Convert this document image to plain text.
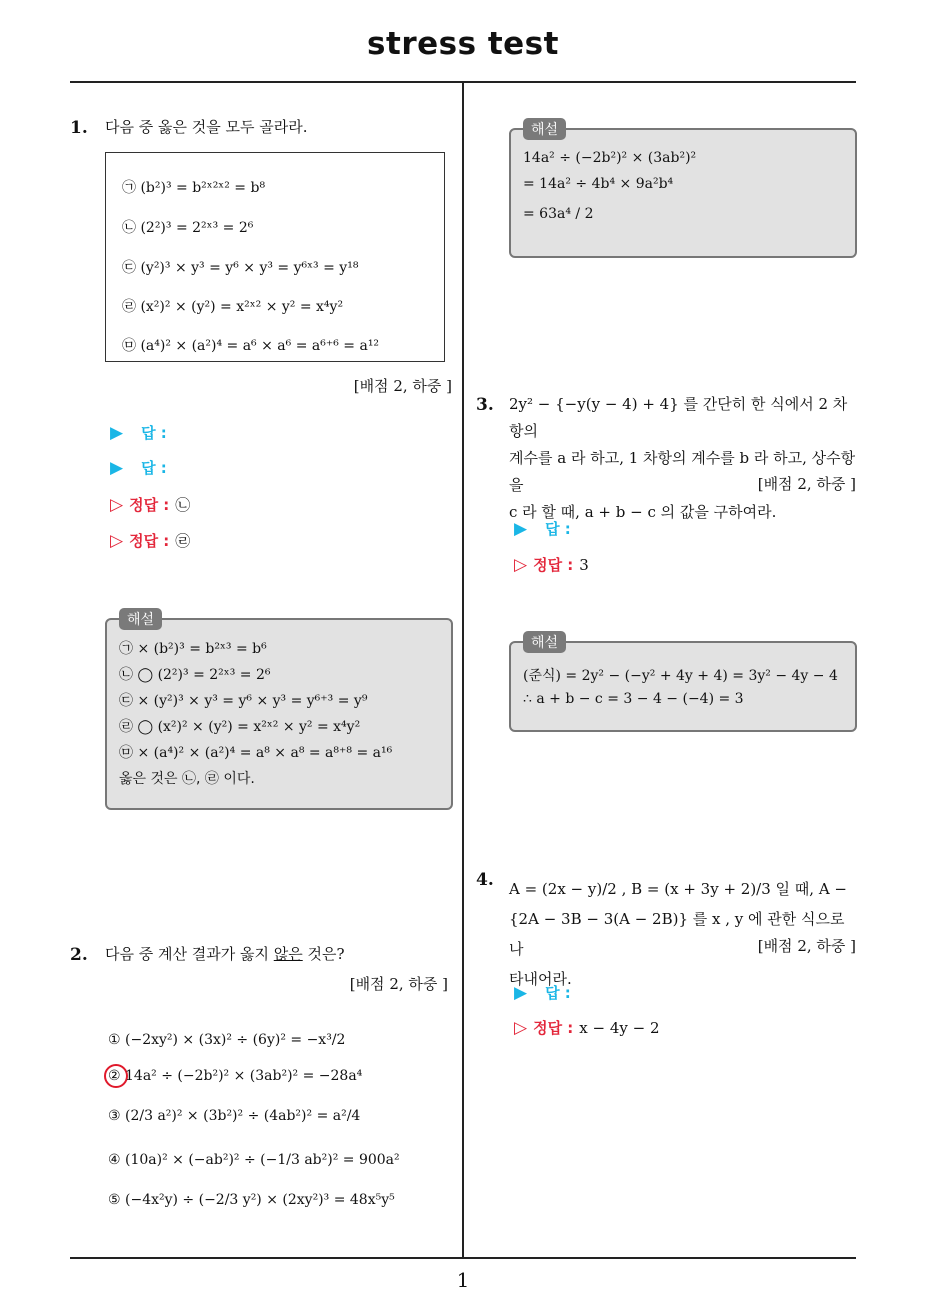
stress test
1. 다음 중 옳은 것을 모두 골라라.
㉠ (b²)³ = b²ˣ²ˣ² = b⁸
㉡ (2²)³ = 2²ˣ³ = 2⁶
㉢ (y²)³ × y³ = y⁶ × y³ = y⁶ˣ³ = y¹⁸
㉣ (x²)² × (y²) = x²ˣ² × y² = x⁴y²
㉤ (a⁴)² × (a²)⁴ = a⁶ × a⁶ = a⁶⁺⁶ = a¹²
[배점 2, 하중 ]
▶ 답 :
▶ 답 :
▷ 정답 : ㉡
▷ 정답 : ㉣
해설
㉠ × (b²)³ = b²ˣ³ = b⁶
㉡ ◯ (2²)³ = 2²ˣ³ = 2⁶
㉢ × (y²)³ × y³ = y⁶ × y³ = y⁶⁺³ = y⁹
㉣ ◯ (x²)² × (y²) = x²ˣ² × y² = x⁴y²
㉤ × (a⁴)² × (a²)⁴ = a⁸ × a⁸ = a⁸⁺⁸ = a¹⁶
옳은 것은 ㉡, ㉣ 이다.
2. 다음 중 계산 결과가 옳지 않은 것은?
[배점 2, 하중 ]
① (−2xy²) × (3x)² ÷ (6y)² = −x³/2
② 14a² ÷ (−2b²)² × (3ab²)² = −28a⁴
③ (2/3 a²)² × (3b²)² ÷ (4ab²)² = a²/4
④ (10a)² × (−ab²)² ÷ (−1/3 ab²)² = 900a²
⑤ (−4x²y) ÷ (−2/3 y²) × (2xy²)³ = 48x⁵y⁵
해설
14a² ÷ (−2b²)² × (3ab²)²
= 14a² ÷ 4b⁴ × 9a²b⁴
= 63a⁴ / 2
3. 2y² − {−y(y − 4) + 4} 를 간단히 한 식에서 2 차항의
계수를 a 라 하고, 1 차항의 계수를 b 라 하고, 상수항을
c 라 할 때, a + b − c 의 값을 구하여라.
[배점 2, 하중 ]
▶ 답 :
▷ 정답 : 3
해설
(준식) = 2y² − (−y² + 4y + 4) = 3y² − 4y − 4
∴ a + b − c = 3 − 4 − (−4) = 3
4. A = (2x − y)/2 , B = (x + 3y + 2)/3 일 때, A −
{2A − 3B − 3(A − 2B)} 를 x , y 에 관한 식으로 나
타내어라.
[배점 2, 하중 ]
▶ 답 :
▷ 정답 : x − 4y − 2
1
